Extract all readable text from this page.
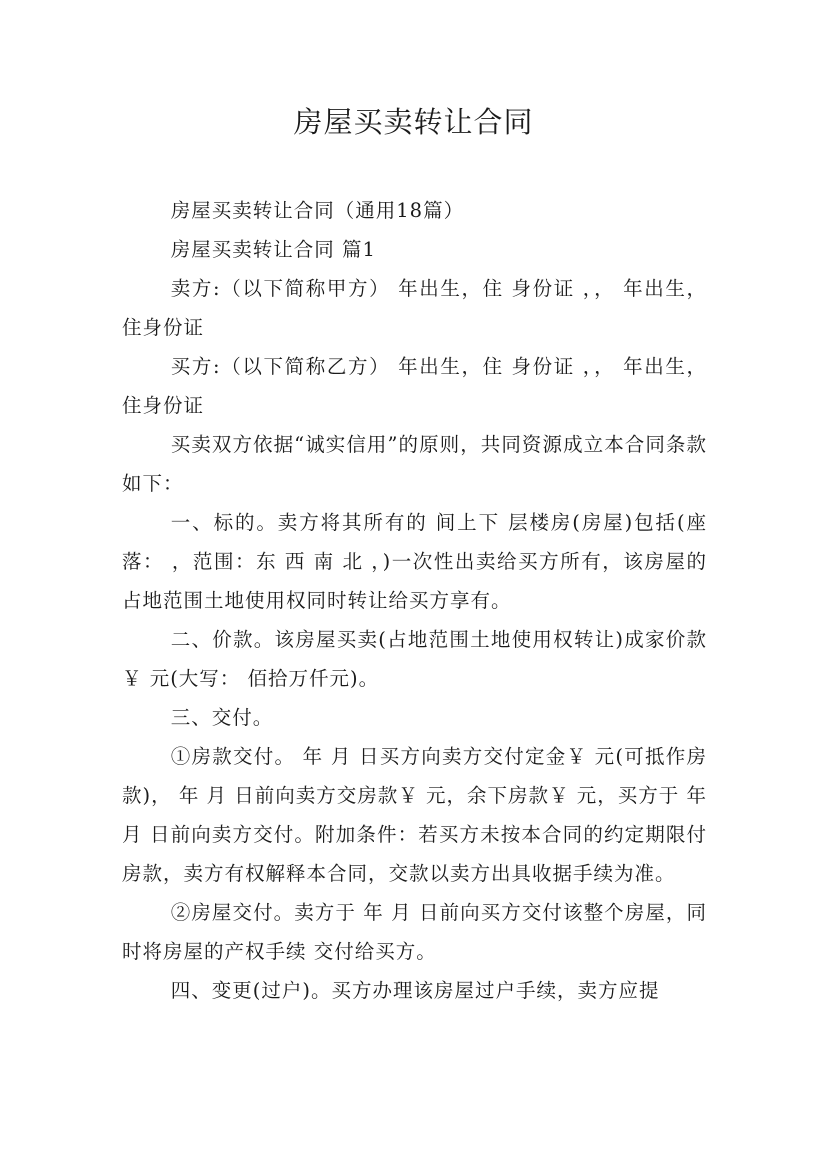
房屋买卖转让合同

房屋买卖转让合同（通用18篇）

房屋买卖转让合同 篇1

卖方:（以下简称甲方） 年出生，住 身份证 ，， 年出生，住身份证

买方:（以下简称乙方） 年出生，住 身份证 ，， 年出生，住身份证

买卖双方依据“诚实信用”的原则，共同资源成立本合同条款如下：

一、标的。卖方将其所有的 间上下 层楼房(房屋)包括(座落： ，范围：东 西 南 北 ，)一次性出卖给买方所有，该房屋的占地范围土地使用权同时转让给买方享有。

二、价款。该房屋买卖(占地范围土地使用权转让)成家价款￥ 元(大写： 佰拾万仟元)。

三、交付。

①房款交付。 年 月 日买方向卖方交付定金￥ 元(可抵作房款)， 年 月 日前向卖方交房款￥ 元，余下房款￥ 元，买方于 年 月 日前向卖方交付。附加条件：若买方未按本合同的约定期限付房款，卖方有权解释本合同，交款以卖方出具收据手续为准。

②房屋交付。卖方于 年 月 日前向买方交付该整个房屋，同时将房屋的产权手续 交付给买方。

四、变更(过户)。买方办理该房屋过户手续，卖方应提
